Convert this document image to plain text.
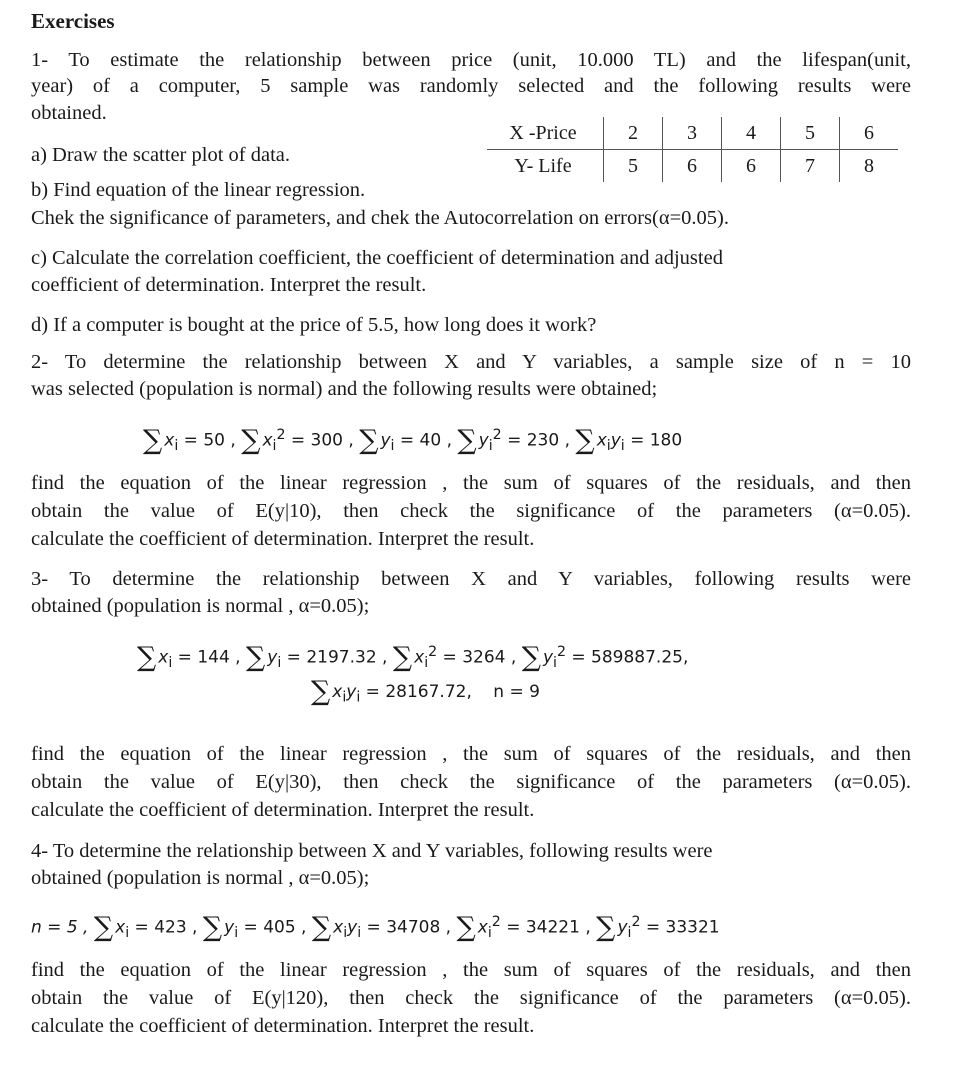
Exercises
1- To estimate the relationship between price (unit, 10.000 TL) and the lifespan(unit,
year) of a computer, 5 sample was randomly selected and the following results were
obtained.
X -Price	2	3	4	5	6
Y- Life	5	6	6	7	8
a) Draw the scatter plot of data.
b) Find equation of the linear regression.
Chek the significance of parameters, and chek the Autocorrelation on errors(α=0.05).
c) Calculate the correlation coefficient, the coefficient of determination and adjusted
coefficient of determination. Interpret the result.
d) If a computer is bought at the price of 5.5, how long does it work?
2- To determine the relationship between X and Y variables, a sample size of n = 10
was selected (population is normal) and the following results were obtained;
∑ $x_i = 50$ , ∑ $x_i^2 = 300$ , ∑ $y_i = 40$ , ∑ $y_i^2 = 230$ , ∑ $x_iy_i = 180$
find the equation of the linear regression , the sum of squares of the residuals, and then
obtain the value of E(y|10), then check the significance of the parameters (α=0.05).
calculate the coefficient of determination. Interpret the result.
3- To determine the relationship between X and Y variables, following results were
obtained (population is normal , α=0.05);
∑ $x_i = 144$ , ∑ $y_i = 2197.32$ , ∑ $x_i^2 = 3264$ , ∑ $y_i^2 = 589887.25$,
∑ $x_iy_i = 28167.72$, n = 9
find the equation of the linear regression , the sum of squares of the residuals, and then
obtain the value of E(y|30), then check the significance of the parameters (α=0.05).
calculate the coefficient of determination. Interpret the result.
4- To determine the relationship between X and Y variables, following results were
obtained (population is normal , α=0.05);
n = 5 , ∑ $x_i = 423$ , ∑ $y_i = 405$ , ∑ $x_iy_i = 34708$ , ∑ $x_i^2 = 34221$ , ∑ $y_i^2 = 33321$
find the equation of the linear regression , the sum of squares of the residuals, and then
obtain the value of E(y|120), then check the significance of the parameters (α=0.05).
calculate the coefficient of determination. Interpret the result.
